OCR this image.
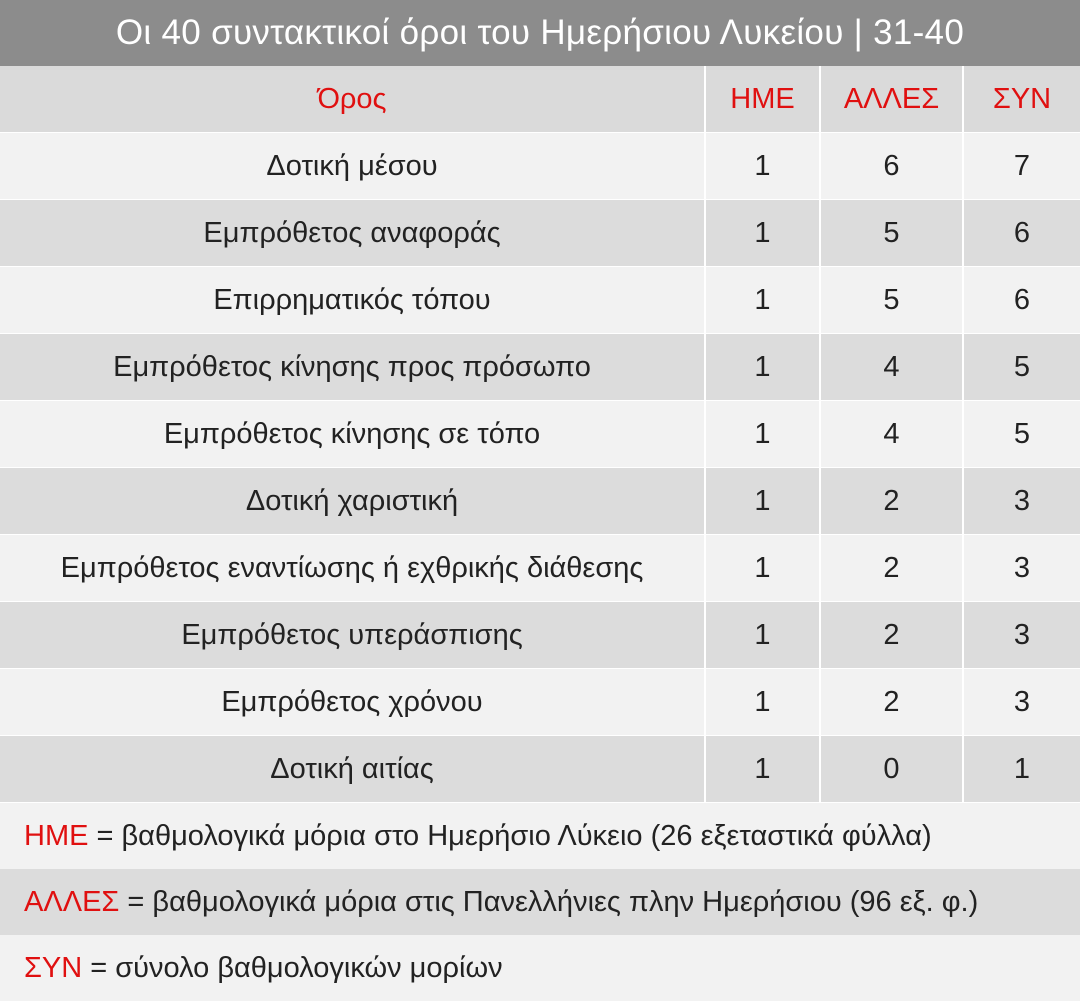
Οι 40 συντακτικοί όροι του Ημερήσιου Λυκείου | 31-40
Όρος	ΗΜΕ	ΑΛΛΕΣ	ΣΥΝ
Δοτική μέσου	1	6	7
Εμπρόθετος αναφοράς	1	5	6
Επιρρηματικός τόπου	1	5	6
Εμπρόθετος κίνησης προς πρόσωπο	1	4	5
Εμπρόθετος κίνησης σε τόπο	1	4	5
Δοτική χαριστική	1	2	3
Εμπρόθετος εναντίωσης ή εχθρικής διάθεσης	1	2	3
Εμπρόθετος υπεράσπισης	1	2	3
Εμπρόθετος χρόνου	1	2	3
Δοτική αιτίας	1	0	1
ΗΜΕ = βαθμολογικά μόρια στο Ημερήσιο Λύκειο (26 εξεταστικά φύλλα)
ΑΛΛΕΣ = βαθμολογικά μόρια στις Πανελλήνιες πλην Ημερήσιου (96 εξ. φ.)
ΣΥΝ = σύνολο βαθμολογικών μορίων
